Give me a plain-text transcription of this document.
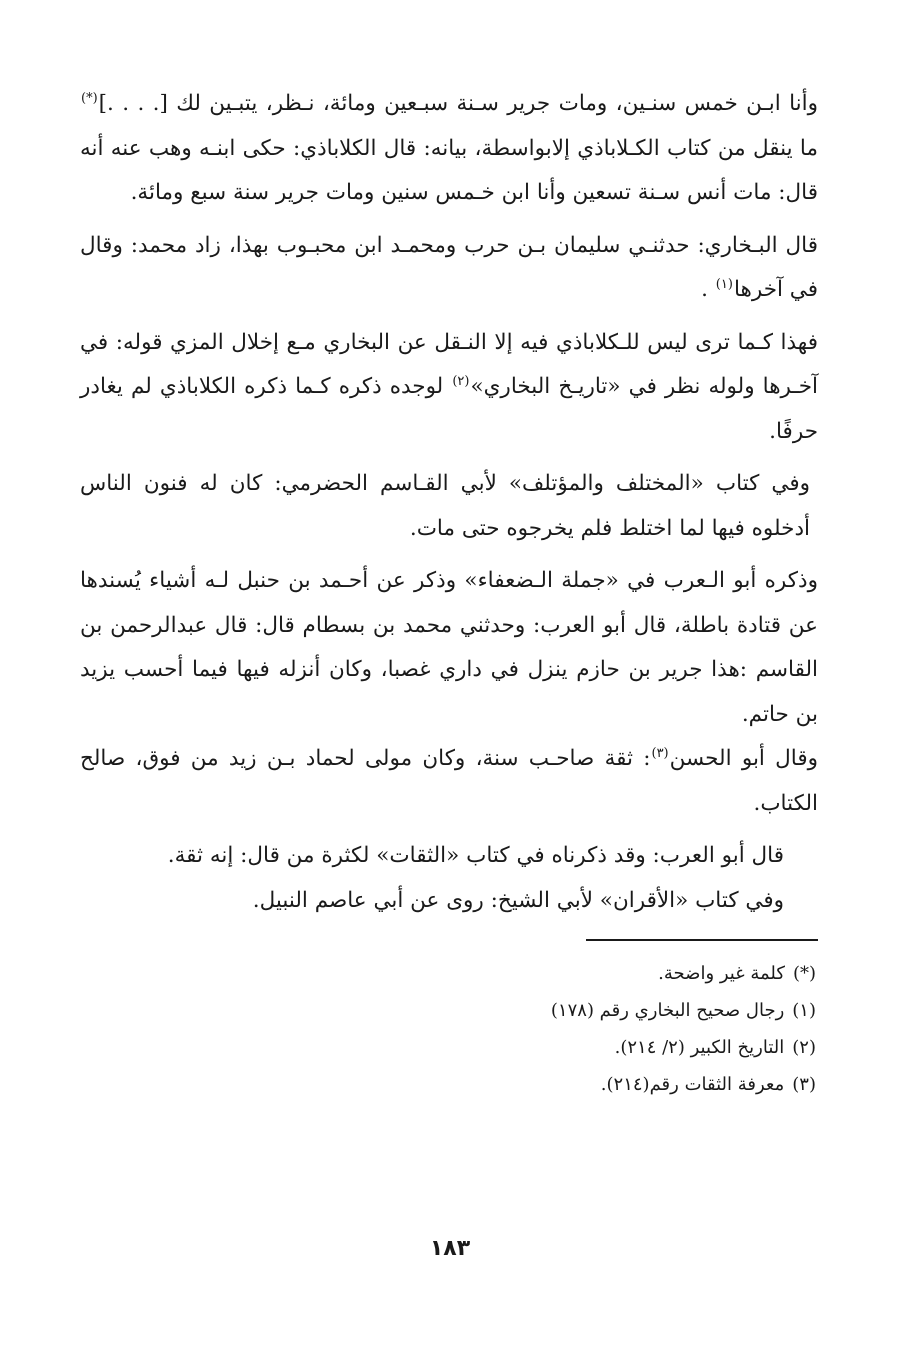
وأنا ابـن خمس سنـين، ومات جرير سـنة سبـعين ومائة، نـظر، يتبـين لك [. . . .](*) ما ينقل من كتاب الكـلاباذي إلابواسطة، بيانه: قال الكلاباذي: حكى ابنـه وهب عنه أنه قال: مات أنس سـنة تسعين وأنا ابن خـمس سنين ومات جرير سنة سبع ومائة.

قال البـخاري: حدثنـي سليمان بـن حرب ومحمـد ابن محبـوب بهذا، زاد محمد: وقال في آخرها$^{(١)}$ .

فهذا كـما ترى ليس للـكلاباذي فيه إلا النـقل عن البخاري مـع إخلال المزي قوله: في آخـرها ولوله نظر في «تاريـخ البخاري»$^{(٢)}$ لوجده ذكره كـما ذكره الكلاباذي لم يغادر حرفًا.

وفي كتاب «المختلف والمؤتلف» لأبي القـاسم الحضرمي: كان له فنون الناس أدخلوه فيها لما اختلط فلم يخرجوه حتى مات.

وذكره أبو الـعرب في «جملة الـضعفاء» وذكر عن أحـمد بن حنبل لـه أشياء يُسندها عن قتادة باطلة، قال أبو العرب: وحدثني محمد بن بسطام قال: قال عبدالرحمن بن القاسم :هذا جرير بن حازم ينزل في داري غصبا، وكان أنزله فيها فيما أحسب يزيد بن حاتم.

وقال أبو الحسن$^{(٣)}$: ثقة صاحـب سنة، وكان مولى لحماد بـن زيد من فوق، صالح الكتاب.

قال أبو العرب: وقد ذكرناه في كتاب «الثقات» لكثرة من قال: إنه ثقة.

وفي كتاب «الأقران» لأبي الشيخ: روى عن أبي عاصم النبيل.

(*)كلمة غير واضحة.
(١)رجال صحيح البخاري رقم (١٧٨)
(٢)التاريخ الكبير (٢/ ٢١٤).
(٣)معرفة الثقات رقم(٢١٤).
١٨٣
